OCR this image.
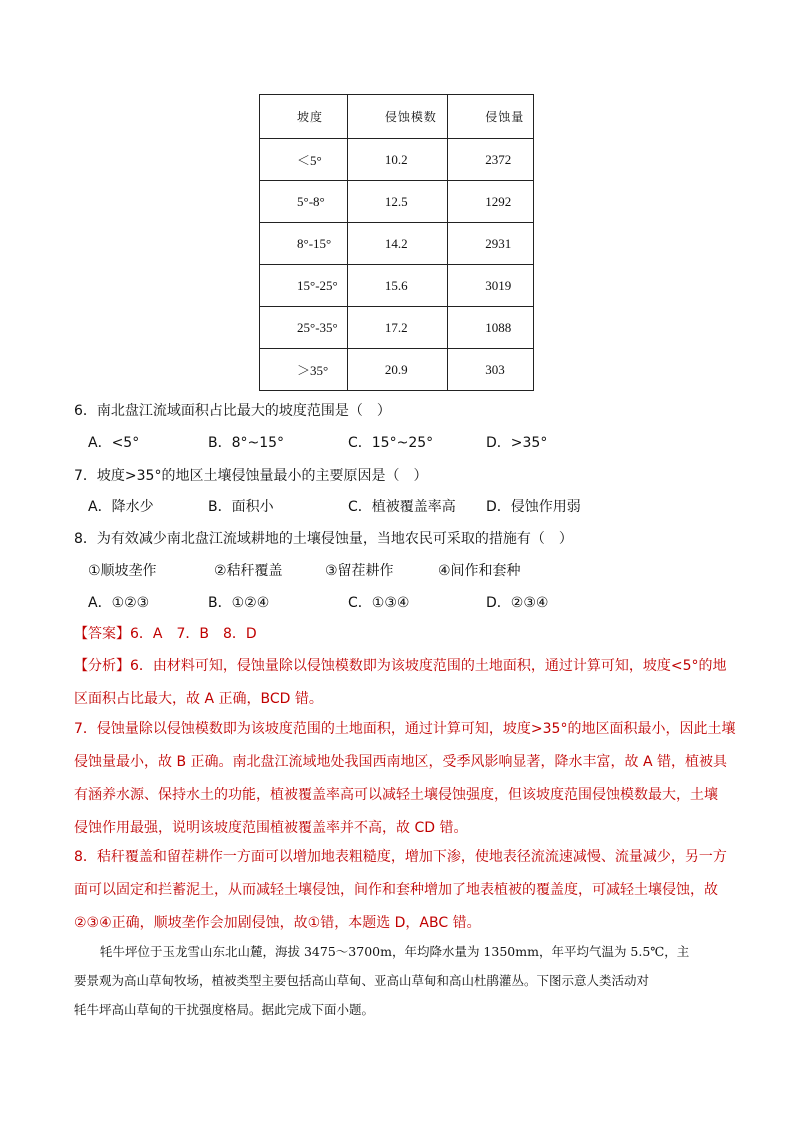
坡度	侵蚀模数	侵蚀量
＜5°	10.2	2372
5°-8°	12.5	1292
8°-15°	14.2	2931
15°-25°	15.6	3019
25°-35°	17.2	1088
＞35°	20.9	303
6．南北盘江流域面积占比最大的坡度范围是（　）
A．<5°	B．8°~15°	C．15°~25°	D．>35°
7．坡度>35°的地区土壤侵蚀量最小的主要原因是（　）
A．降水少	B．面积小	C．植被覆盖率高 D．侵蚀作用弱
8．为有效减少南北盘江流域耕地的土壤侵蚀量，当地农民可采取的措施有（　）
①顺坡垄作	②秸秆覆盖	③留茬耕作	④间作和套种
A．①②③	B．①②④	C．①③④	D．②③④
【答案】6．A　7．B　8．D
【分析】6．由材料可知，侵蚀量除以侵蚀模数即为该坡度范围的土地面积，通过计算可知，坡度<5°的地
区面积占比最大，故 A 正确，BCD 错。
7．侵蚀量除以侵蚀模数即为该坡度范围的土地面积，通过计算可知，坡度>35°的地区面积最小，因此土壤
侵蚀量最小，故 B 正确。南北盘江流域地处我国西南地区，受季风影响显著，降水丰富，故 A 错，植被具
有涵养水源、保持水土的功能，植被覆盖率高可以减轻土壤侵蚀强度，但该坡度范围侵蚀模数最大，土壤
侵蚀作用最强，说明该坡度范围植被覆盖率并不高，故 CD 错。
8．秸秆覆盖和留茬耕作一方面可以增加地表粗糙度，增加下渗，使地表径流流速减慢、流量减少，另一方
面可以固定和拦蓄泥土，从而减轻土壤侵蚀，间作和套种增加了地表植被的覆盖度，可减轻土壤侵蚀，故
②③④正确，顺坡垄作会加剧侵蚀，故①错，本题选 D，ABC 错。
牦牛坪位于玉龙雪山东北山麓，海拔 3475～3700m，年均降水量为 1350mm，年平均气温为 5.5℃，主
要景观为高山草甸牧场，植被类型主要包括高山草甸、亚高山草甸和高山杜鹃灌丛。下图示意人类活动对
牦牛坪高山草甸的干扰强度格局。据此完成下面小题。
